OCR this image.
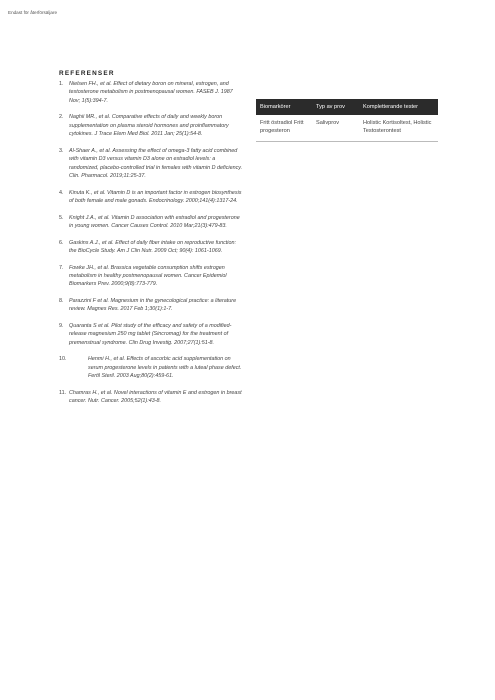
Endast för återförsäljare
REFERENSER
1.	Nielsen FH., et al. Effect of dietary boron on mineral, estrogen, and testosterone metabolism in postmenopausal women. FASEB J. 1987 Nov; 1(5):394-7.
2.	Naghii MR., et al. Comparative effects of daily and weekly boron supplementation on plasma steroid hormones and proinflammatory cytokines. J Trace Elem Med Biol. 2011 Jan; 25(1):54-8.
3.	Al-Shaer A., et al. Assessing the effect of omega-3 fatty acid combined with vitamin D3 versus vitamin D3 alone on estradiol levels: a randomized, placebo-controlled trial in females with vitamin D deficiency. Clin. Pharmacol. 2019;11:25-37.
4.	Kinuta K., et al. Vitamin D is an important factor in estrogen biosynthesis of both female and male gonads. Endocrinology. 2000;141(4):1317-24.
5.	Knight J.A., et al. Vitamin D association with estradiol and progesterone in young women. Cancer Causes Control. 2010 Mar;21(3):479-83.
6.	Gaskins A.J., et al. Effect of daily fiber intake on reproductive function: the BioCycle Study. Am J Clin Nutr. 2009 Oct; 90(4): 1061-1069.
7.	Fowke JH., et al. Brassica vegetable consumption shifts estrogen metabolism in healthy postmenopausal women. Cancer Epidemiol Biomarkers Prev. 2000;9(8):773-779.
8.	Parazzini F et al. Magnesium in the gynecological practice: a literature review. Magnes Res. 2017 Feb 1;30(1):1-7.
9.	Quaranta S et al. Pilot study of the efficacy and safety of a modified-release magnesium 250 mg tablet (Sincromag) for the treatment of premenstrual syndrome. Clin Drug Investig. 2007;27(1):51-8.
10.	Henmi H., et al. Effects of ascorbic acid supplementation on serum progesterone levels in patients with a luteal phase defect. Fertil Steril. 2003 Aug;80(2):459-61.
11. Chamras H., et al. Novel interactions of vitamin E and estrogen in breast cancer. Nutr. Cancer. 2005;52(1):43-8.
Biomarkörer	Typ av prov	Kompletterande tester
Fritt östradiol Fritt progesteron	Salivprov	Holistic Kortisoltest, Holistic Testosterontest
